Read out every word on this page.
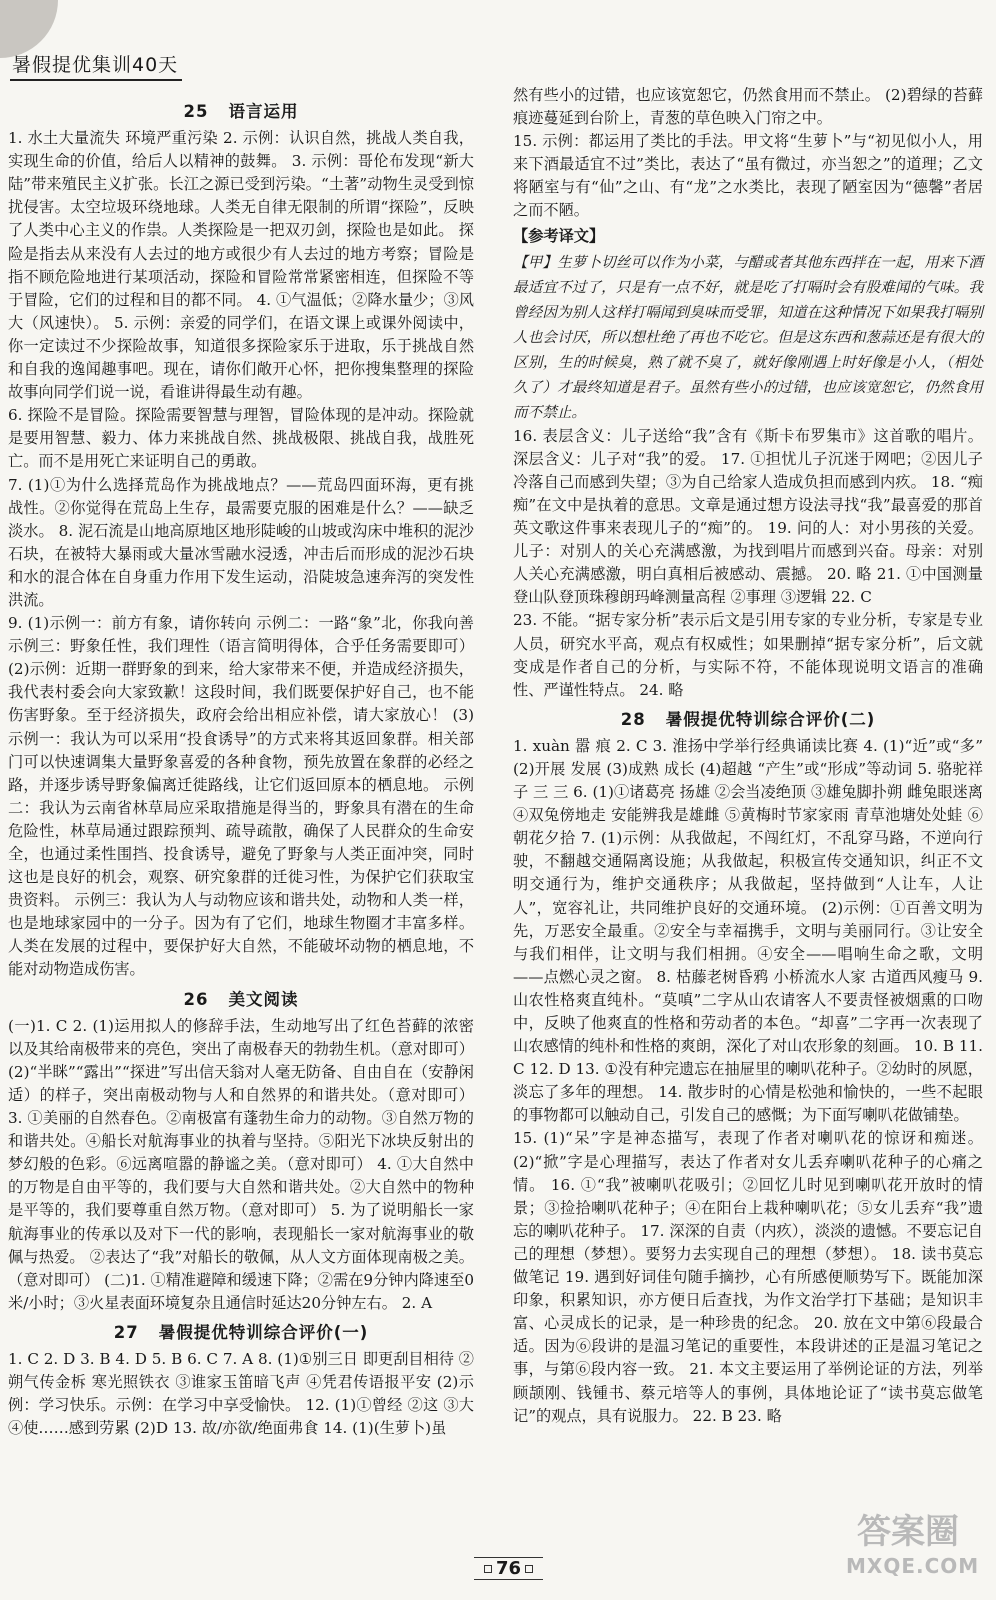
暑假提优集训40天
25 语言运用

1. 水土大量流失 环境严重污染 2. 示例：认识自然，挑战人类自我，实现生命的价值，给后人以精神的鼓舞。 3. 示例：哥伦布发现“新大陆”带来殖民主义扩张。长江之源已受到污染。“土著”动物生灵受到惊扰侵害。太空垃圾环绕地球。人类无自律无限制的所谓“探险”，反映了人类中心主义的作祟。人类探险是一把双刃剑，探险也是如此。 探险是指去从来没有人去过的地方或很少有人去过的地方考察；冒险是指不顾危险地进行某项活动，探险和冒险常常紧密相连，但探险不等于冒险，它们的过程和目的都不同。 4. ①气温低；②降水量少；③风大（风速快）。 5. 示例：亲爱的同学们，在语文课上或课外阅读中，你一定读过不少探险故事，知道很多探险家乐于进取，乐于挑战自然和自我的逸闻趣事吧。现在，请你们敞开心怀，把你搜集整理的探险故事向同学们说一说，看谁讲得最生动有趣。

6. 探险不是冒险。探险需要智慧与理智，冒险体现的是冲动。探险就是要用智慧、毅力、体力来挑战自然、挑战极限、挑战自我，战胜死亡。而不是用死亡来证明自己的勇敢。

7. (1)①为什么选择荒岛作为挑战地点？——荒岛四面环海，更有挑战性。②你觉得在荒岛上生存，最需要克服的困难是什么？——缺乏淡水。 8. 泥石流是山地高原地区地形陡峻的山坡或沟床中堆积的泥沙石块，在被特大暴雨或大量冰雪融水浸透，冲击后而形成的泥沙石块和水的混合体在自身重力作用下发生运动，沿陡坡急速奔泻的突发性洪流。

9. (1)示例一：前方有象，请你转向 示例二：一路“象”北，你我向善 示例三：野象任性，我们理性（语言简明得体，合乎任务需要即可） (2)示例：近期一群野象的到来，给大家带来不便，并造成经济损失，我代表村委会向大家致歉！这段时间，我们既要保护好自己，也不能伤害野象。至于经济损失，政府会给出相应补偿，请大家放心！ (3)示例一：我认为可以采用“投食诱导”的方式来将其返回象群。相关部门可以快速调集大量野象喜爱的各种食物，预先放置在象群的必经之路，并逐步诱导野象偏离迁徙路线，让它们返回原本的栖息地。 示例二：我认为云南省林草局应采取措施是得当的，野象具有潜在的生命危险性，林草局通过跟踪预判、疏导疏散，确保了人民群众的生命安全，也通过柔性围挡、投食诱导，避免了野象与人类正面冲突，同时这也是良好的机会，观察、研究象群的迁徙习性，为保护它们获取宝贵资料。 示例三：我认为人与动物应该和谐共处，动物和人类一样，也是地球家园中的一分子。因为有了它们，地球生物圈才丰富多样。人类在发展的过程中，要保护好大自然，不能破坏动物的栖息地，不能对动物造成伤害。

26 美文阅读

(一)1. C 2. (1)运用拟人的修辞手法，生动地写出了红色苔藓的浓密以及其给南极带来的亮色，突出了南极春天的勃勃生机。（意对即可） (2)“半眯”“露出”“探进”写出信天翁对人毫无防备、自由自在（安静闲适）的样子，突出南极动物与人和自然界的和谐共处。（意对即可） 3. ①美丽的自然春色。②南极富有蓬勃生命力的动物。③自然万物的和谐共处。④船长对航海事业的执着与坚持。⑤阳光下冰块反射出的梦幻般的色彩。⑥远离喧嚣的静谧之美。（意对即可） 4. ①大自然中的万物是自由平等的，我们要与大自然和谐共处。②大自然中的物种是平等的，我们要尊重自然万物。（意对即可） 5. 为了说明船长一家航海事业的传承以及对下一代的影响，表现船长一家对航海事业的敬佩与热爱。 ②表达了“我”对船长的敬佩，从人文方面体现南极之美。（意对即可） (二)1. ①精准避障和缓速下降；②需在9分钟内降速至0米/小时；③火星表面环境复杂且通信时延达20分钟左右。 2. A

27 暑假提优特训综合评价(一)

1. C 2. D 3. B 4. D 5. B 6. C 7. A 8. (1)①别三日 即更刮目相待 ②朔气传金柝 寒光照铁衣 ③谁家玉笛暗飞声 ④凭君传语报平安 (2)示例：学习快乐。示例：在学习中享受愉快。 12. (1)①曾经 ②这 ③大 ④使……感到劳累 (2)D 13. 故/亦欲/绝面弗食 14. (1)(生萝卜)虽

然有些小的过错，也应该宽恕它，仍然食用而不禁止。 (2)碧绿的苔藓痕迹蔓延到台阶上，青葱的草色映入门帘之中。

15. 示例：都运用了类比的手法。甲文将“生萝卜”与“初见似小人，用来下酒最适宜不过”类比，表达了“虽有微过，亦当恕之”的道理；乙文将陋室与有“仙”之山、有“龙”之水类比，表现了陋室因为“德馨”者居之而不陋。

【参考译文】

【甲】生萝卜切丝可以作为小菜，与醋或者其他东西拌在一起，用来下酒最适宜不过了，只是有一点不好，就是吃了打嗝时会有股难闻的气味。我曾经因为别人这样打嗝闻到臭味而受罪，知道在这种情况下如果我打嗝别人也会讨厌，所以想杜绝了再也不吃它。但是这东西和葱蒜还是有很大的区别，生的时候臭，熟了就不臭了，就好像刚遇上时好像是小人，（相处久了）才最终知道是君子。虽然有些小的过错，也应该宽恕它，仍然食用而不禁止。

16. 表层含义：儿子送给“我”含有《斯卡布罗集市》这首歌的唱片。 深层含义：儿子对“我”的爱。 17. ①担忧儿子沉迷于网吧；②因儿子冷落自己而感到失望；③为自己给家人造成负担而感到内疚。 18. “痴痴”在文中是执着的意思。文章是通过想方设法寻找“我”最喜爱的那首英文歌这件事来表现儿子的“痴”的。 19. 问的人：对小男孩的关爱。儿子：对别人的关心充满感激，为找到唱片而感到兴奋。母亲：对别人关心充满感激，明白真相后被感动、震撼。 20. 略 21. ①中国测量登山队登顶珠穆朗玛峰测量高程 ②事理 ③逻辑 22. C

23. 不能。“据专家分析”表示后文是引用专家的专业分析，专家是专业人员，研究水平高，观点有权威性；如果删掉“据专家分析”，后文就变成是作者自己的分析，与实际不符，不能体现说明文语言的准确性、严谨性特点。 24. 略

28 暑假提优特训综合评价(二)

1. xuàn 嚣 痕 2. C 3. 淮扬中学举行经典诵读比赛 4. (1)“近”或“多” (2)开展 发展 (3)成熟 成长 (4)超越 “产生”或“形成”等动词 5. 骆驼祥子 三 三 6. (1)①诸葛亮 扬雄 ②会当凌绝顶 ③雄兔脚扑朔 雌兔眼迷离 ④双兔傍地走 安能辨我是雄雌 ⑤黄梅时节家家雨 青草池塘处处蛙 ⑥朝花夕拾 7. (1)示例：从我做起，不闯红灯，不乱穿马路，不逆向行驶，不翻越交通隔离设施；从我做起，积极宣传交通知识，纠正不文明交通行为，维护交通秩序；从我做起，坚持做到“人让车，人让人”，宽容礼让，共同维护良好的交通环境。 (2)示例：①百善文明为先，万恶安全最重。②安全与幸福携手，文明与美丽同行。③让安全与我们相伴，让文明与我们相拥。④安全——唱响生命之歌，文明——点燃心灵之窗。 8. 枯藤老树昏鸦 小桥流水人家 古道西风瘦马 9. 山农性格爽直纯朴。“莫嗔”二字从山农请客人不要责怪被烟熏的口吻中，反映了他爽直的性格和劳动者的本色。“却喜”二字再一次表现了山农感情的纯朴和性格的爽朗，深化了对山农形象的刻画。 10. B 11. C 12. D 13. ①没有种完遗忘在抽屉里的喇叭花种子。②幼时的夙愿，淡忘了多年的理想。 14. 散步时的心情是松弛和愉快的，一些不起眼的事物都可以触动自己，引发自己的感慨；为下面写喇叭花做铺垫。

15. (1)“呆”字是神态描写，表现了作者对喇叭花的惊讶和痴迷。(2)“掀”字是心理描写，表达了作者对女儿丢弃喇叭花种子的心痛之情。 16. ①“我”被喇叭花吸引；②回忆儿时见到喇叭花开放时的情景；③捡拾喇叭花种子；④在阳台上栽种喇叭花；⑤女儿丢弃“我”遗忘的喇叭花种子。 17. 深深的自责（内疚），淡淡的遗憾。不要忘记自己的理想（梦想）。要努力去实现自己的理想（梦想）。 18. 读书莫忘做笔记 19. 遇到好词佳句随手摘抄，心有所感便顺势写下。既能加深印象，积累知识，亦方便日后查找，为作文治学打下基础；是知识丰富、心灵成长的记录，是一种珍贵的纪念。 20. 放在文中第⑥段最合适。因为⑥段讲的是温习笔记的重要性，本段讲述的正是温习笔记之事，与第⑥段内容一致。 21. 本文主要运用了举例论证的方法，列举顾颉刚、钱锺书、蔡元培等人的事例，具体地论证了“读书莫忘做笔记”的观点，具有说服力。 22. B 23. 略

76
答案圈
MXQE.COM
